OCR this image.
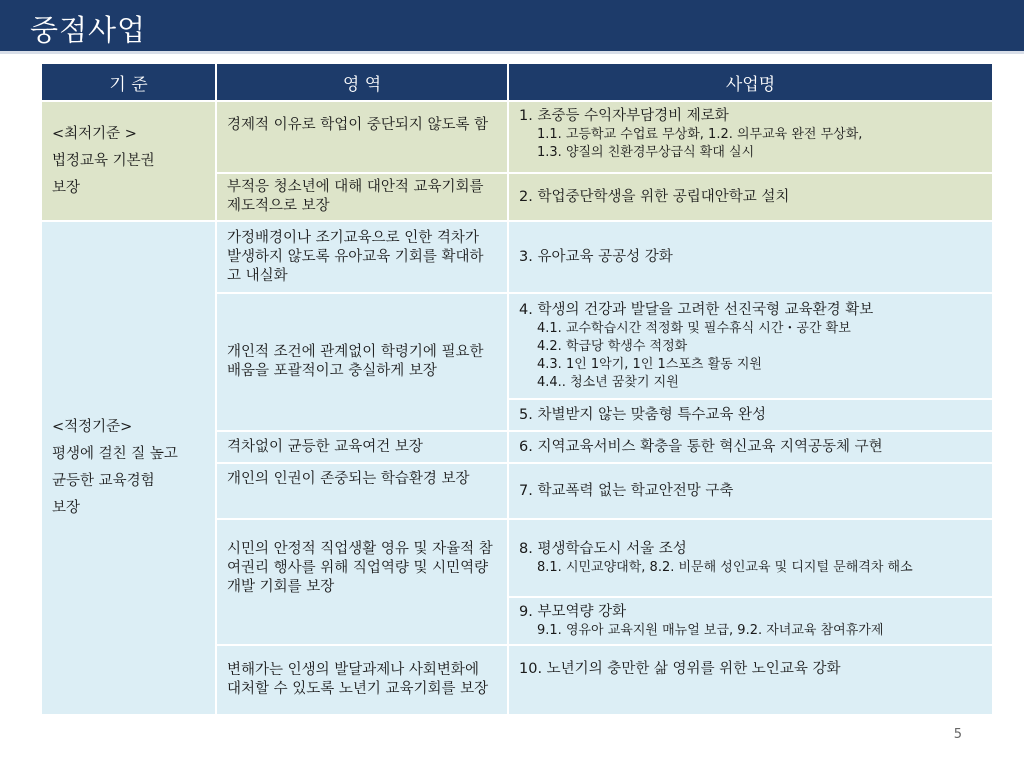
중점사업
기 준	영 역	사업명

<최저기준 >
법정교육 기본권
보장	경제적 이유로 학업이 중단되지 않도록 함	1. 초중등 수익자부담경비 제로화
1.1. 고등학교 수업료 무상화, 1.2. 의무교육 완전 무상화,
1.3. 양질의 친환경무상급식 확대 실시

	부적응 청소년에 대해 대안적 교육기회를 제도적으로 보장	2. 학업중단학생을 위한 공립대안학교 설치

<적정기준>
평생에 걸친 질 높고
균등한 교육경험
보장	가정배경이나 조기교육으로 인한 격차가 발생하지 않도록 유아교육 기회를 확대하고 내실화	3. 유아교육 공공성 강화
	개인적 조건에 관계없이 학령기에 필요한 배움을 포괄적이고 충실하게 보장	4. 학생의 건강과 발달을 고려한 선진국형 교육환경 확보
4.1. 교수학습시간 적정화 및 필수휴식 시간・공간 확보
4.2. 학급당 학생수 적정화
4.3. 1인 1악기, 1인 1스포츠 활동 지원
4.4.. 청소년 꿈찾기 지원

		5. 차별받지 않는 맞춤형 특수교육 완성
	격차없이 균등한 교육여건 보장	6. 지역교육서비스 확충을 통한 혁신교육 지역공동체 구현
	개인의 인권이 존중되는 학습환경 보장	7. 학교폭력 없는 학교안전망 구축
	시민의 안정적 직업생활 영유 및 자율적 참여권리 행사를 위해 직업역량 및 시민역량 개발 기회를 보장	8. 평생학습도시 서울 조성
8.1. 시민교양대학, 8.2. 비문해 성인교육 및 디지털 문해격차 해소

		9. 부모역량 강화
9.1. 영유아 교육지원 매뉴얼 보급, 9.2. 자녀교육 참여휴가제

	변해가는 인생의 발달과제나 사회변화에 대처할 수 있도록 노년기 교육기회를 보장	10. 노년기의 충만한 삶 영위를 위한 노인교육 강화
5
